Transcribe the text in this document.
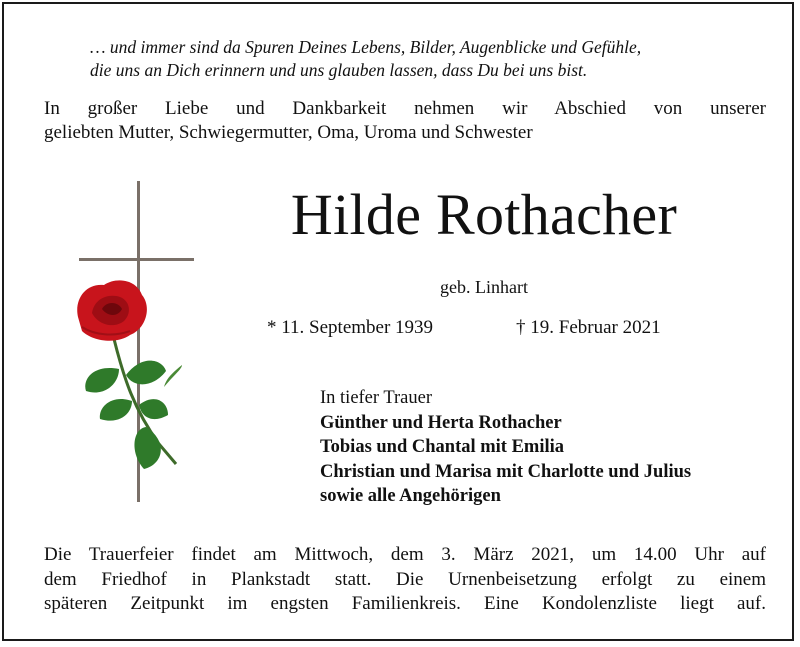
… und immer sind da Spuren Deines Lebens, Bilder, Augenblicke und Gefühle,
die uns an Dich erinnern und uns glauben lassen, dass Du bei uns bist.
In großer Liebe und Dankbarkeit nehmen wir Abschied von unserer
geliebten Mutter, Schwiegermutter, Oma, Uroma und Schwester
Hilde Rothacher
geb. Linhart
* 11. September 1939	† 19. Februar 2021
In tiefer Trauer
Günther und Herta Rothacher
Tobias und Chantal mit Emilia
Christian und Marisa mit Charlotte und Julius
sowie alle Angehörigen
Die Trauerfeier findet am Mittwoch, dem 3. März 2021, um 14.00 Uhr auf
dem Friedhof in Plankstadt statt. Die Urnenbeisetzung erfolgt zu einem
späteren Zeitpunkt im engsten Familienkreis. Eine Kondolenzliste liegt auf.
